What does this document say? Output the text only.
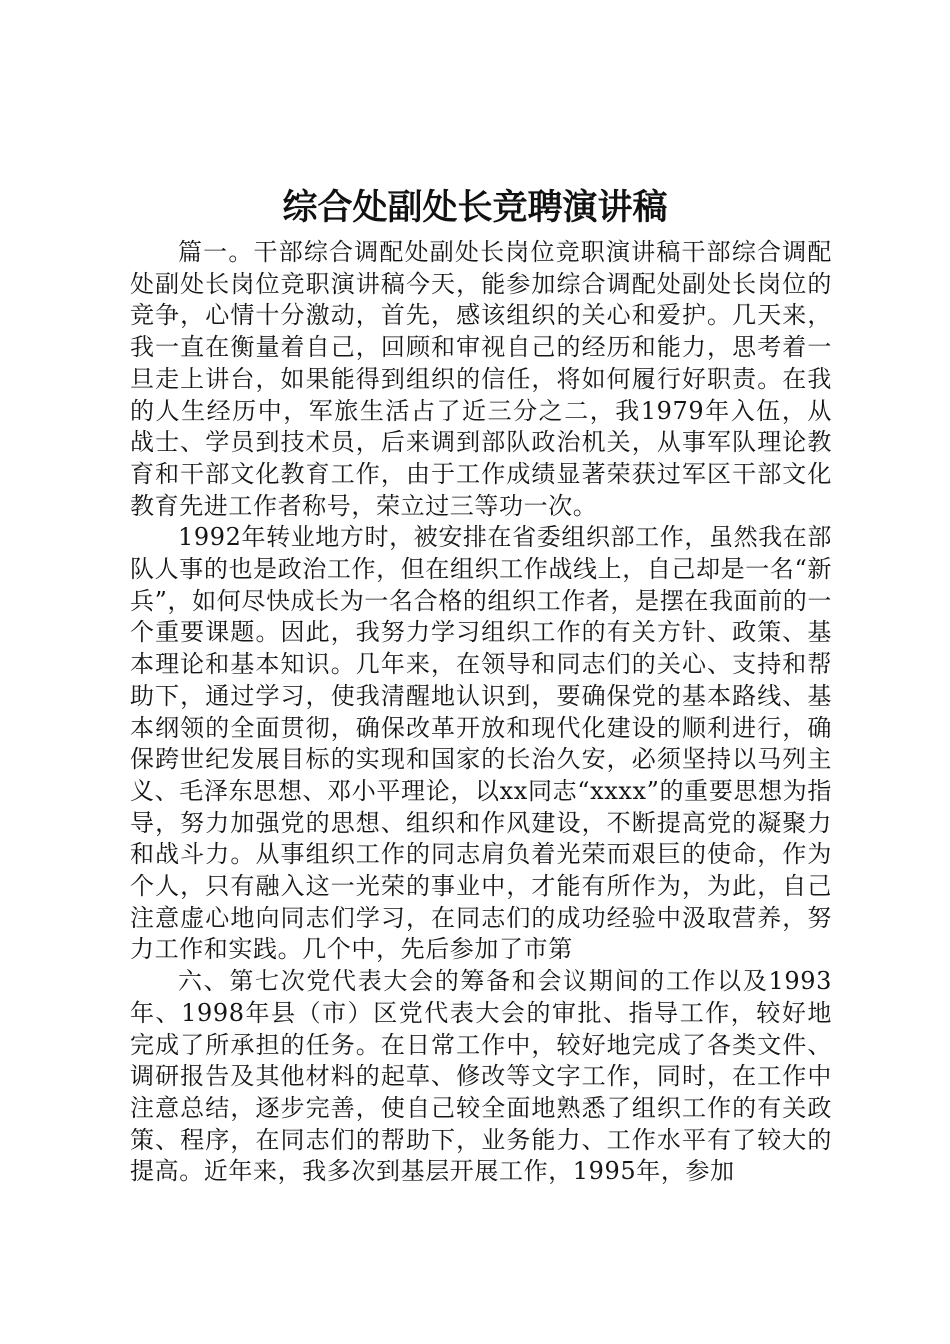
综合处副处长竞聘演讲稿

篇一。干部综合调配处副处长岗位竞职演讲稿干部综合调配处副处长岗位竞职演讲稿今天，能参加综合调配处副处长岗位的竞争，心情十分激动，首先，感该组织的关心和爱护。几天来，我一直在衡量着自己，回顾和审视自己的经历和能力，思考着一旦走上讲台，如果能得到组织的信任，将如何履行好职责。在我的人生经历中，军旅生活占了近三分之二，我1979年入伍，从战士、学员到技术员，后来调到部队政治机关，从事军队理论教育和干部文化教育工作，由于工作成绩显著荣获过军区干部文化教育先进工作者称号，荣立过三等功一次。

1992年转业地方时，被安排在省委组织部工作，虽然我在部队人事的也是政治工作，但在组织工作战线上，自己却是一名“新兵”，如何尽快成长为一名合格的组织工作者，是摆在我面前的一个重要课题。因此，我努力学习组织工作的有关方针、政策、基本理论和基本知识。几年来，在领导和同志们的关心、支持和帮助下，通过学习，使我清醒地认识到，要确保党的基本路线、基本纲领的全面贯彻，确保改革开放和现代化建设的顺利进行，确保跨世纪发展目标的实现和国家的长治久安，必须坚持以马列主义、毛泽东思想、邓小平理论，以xx同志“xxxx”的重要思想为指导，努力加强党的思想、组织和作风建设，不断提高党的凝聚力和战斗力。从事组织工作的同志肩负着光荣而艰巨的使命，作为个人，只有融入这一光荣的事业中，才能有所作为，为此，自己注意虚心地向同志们学习，在同志们的成功经验中汲取营养，努力工作和实践。几个中，先后参加了市第

六、第七次党代表大会的筹备和会议期间的工作以及1993年、1998年县（市）区党代表大会的审批、指导工作，较好地完成了所承担的任务。在日常工作中，较好地完成了各类文件、调研报告及其他材料的起草、修改等文字工作，同时，在工作中注意总结，逐步完善，使自己较全面地熟悉了组织工作的有关政策、程序，在同志们的帮助下，业务能力、工作水平有了较大的提高。近年来，我多次到基层开展工作，1995年，参加
